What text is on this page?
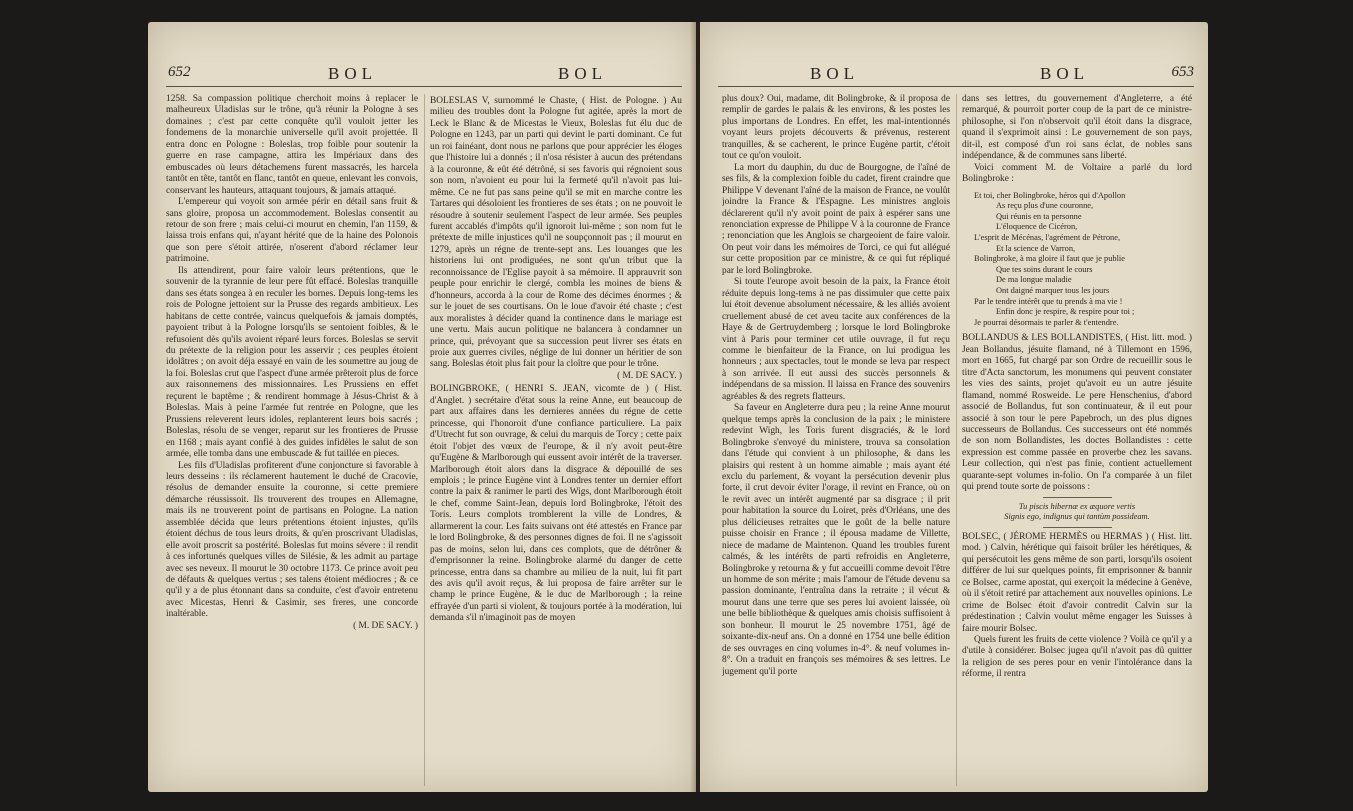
652	BOL	BOL

1258. Sa compassion politique cherchoit moins à replacer le malheureux Uladislas sur le trône, qu'à réunir la Pologne à ses domaines ; c'est par cette conquête qu'il vouloit jetter les fondemens de la monarchie universelle qu'il avoit projettée. Il entra donc en Pologne : Boleslas, trop foible pour soutenir la guerre en rase campagne, attira les Impériaux dans des embuscades où leurs détachemens furent massacrés, les harcela tantôt en tête, tantôt en flanc, tantôt en queue, enlevant les convois, conservant les hauteurs, attaquant toujours, & jamais attaqué.

L'empereur qui voyoit son armée périr en détail sans fruit & sans gloire, proposa un accommodement. Boleslas consentit au retour de son frere ; mais celui-ci mourut en chemin, l'an 1159, & laissa trois enfans qui, n'ayant hérité que de la haine des Polonois que son pere s'étoit attirée, n'oserent d'abord réclamer leur patrimoine.

Ils attendirent, pour faire valoir leurs prétentions, que le souvenir de la tyrannie de leur pere fût effacé. Boleslas tranquille dans ses états songea à en reculer les bornes. Depuis long-tems les rois de Pologne jettoient sur la Prusse des regards ambitieux. Les habitans de cette contrée, vaincus quelquefois & jamais domptés, payoient tribut à la Pologne lorsqu'ils se sentoient foibles, & le refusoient dès qu'ils avoient réparé leurs forces. Boleslas se servit du prétexte de la religion pour les asservir ; ces peuples étoient idolâtres ; on avoit déja essayé en vain de les soumettre au joug de la foi. Boleslas crut que l'aspect d'une armée prêteroit plus de force aux raisonnemens des missionnaires. Les Prussiens en effet reçurent le baptême ; & rendirent hommage à Jésus-Christ & à Boleslas. Mais à peine l'armée fut rentrée en Pologne, que les Prussiens releverent leurs idoles, replanterent leurs bois sacrés ; Boleslas, résolu de se venger, reparut sur les frontieres de Prusse en 1168 ; mais ayant confié à des guides infidèles le salut de son armée, elle tomba dans une embuscade & fut taillée en pieces.

Les fils d'Uladislas profiterent d'une conjoncture si favorable à leurs desseins : ils réclamerent hautement le duché de Cracovie, résolus de demander ensuite la couronne, si cette premiere démarche réussissoit. Ils trouverent des troupes en Allemagne, mais ils ne trouverent point de partisans en Pologne. La nation assemblée décida que leurs prétentions étoient injustes, qu'ils étoient déchus de tous leurs droits, & qu'en proscrivant Uladislas, elle avoit proscrit sa postérité. Boleslas fut moins sévere : il rendit à ces infortunés quelques villes de Silésie, & les admit au partage avec ses neveux. Il mourut le 30 octobre 1173. Ce prince avoit peu de défauts & quelques vertus ; ses talens étoient médiocres ; & ce qu'il y a de plus étonnant dans sa conduite, c'est d'avoir entretenu avec Micestas, Henri & Casimir, ses freres, une concorde inaltérable.

( M. DE SACY. )

BOLESLAS V, surnommé le Chaste, ( Hist. de Pologne. ) Au milieu des troubles dont la Pologne fut agitée, après la mort de Leck le Blanc & de Micestas le Vieux, Boleslas fut élu duc de Pologne en 1243, par un parti qui devint le parti dominant. Ce fut un roi fainéant, dont nous ne parlons que pour apprécier les éloges que l'histoire lui a donnés ; il n'osa résister à aucun des prétendans à la couronne, & eût été détrôné, si ses favoris qui régnoient sous son nom, n'avoient eu pour lui la fermeté qu'il n'avoit pas lui-même. Ce ne fut pas sans peine qu'il se mit en marche contre les Tartares qui désoloient les frontieres de ses états ; on ne pouvoit le résoudre à soutenir seulement l'aspect de leur armée. Ses peuples furent accablés d'impôts qu'il ignoroit lui-même ; son nom fut le prétexte de mille injustices qu'il ne soupçonnoit pas ; il mourut en 1279, après un régne de trente-sept ans. Les louanges que les historiens lui ont prodiguées, ne sont qu'un tribut que la reconnoissance de l'Eglise payoit à sa mémoire. Il apprauvrit son peuple pour enrichir le clergé, combla les moines de biens & d'honneurs, accorda à la cour de Rome des décimes énormes ; & sur le jouet de ses courtisans. On le loue d'avoir été chaste ; c'est aux moralistes à décider quand la continence dans le mariage est une vertu. Mais aucun politique ne balancera à condamner un prince, qui, prévoyant que sa succession peut livrer ses états en proie aux guerres civiles, néglige de lui donner un héritier de son sang. Boleslas étoit plus fait pour la cloître que pour le trône.

( M. DE SACY. )

BOLINGBROKE, ( HENRI S. JEAN, vicomte de ) ( Hist. d'Anglet. ) secrétaire d'état sous la reine Anne, eut beaucoup de part aux affaires dans les dernieres années du régne de cette princesse, qui l'honoroit d'une confiance particuliere. La paix d'Utrecht fut son ouvrage, & celui du marquis de Torcy ; cette paix étoit l'objet des vœux de l'europe, & il n'y avoit peut-être qu'Eugène & Marlborough qui eussent avoir intérêt de la traverser. Marlborough étoit alors dans la disgrace & dépouillé de ses emplois ; le prince Eugène vint à Londres tenter un dernier effort contre la paix & ranimer le parti des Wigs, dont Marlborough étoit le chef, comme Saint-Jean, depuis lord Bolingbroke, l'étoit des Toris. Leurs complots tromblerent la ville de Londres, & allarmerent la cour. Les faits suivans ont été attestés en France par le lord Bolingbroke, & des personnes dignes de foi. Il ne s'agissoit pas de moins, selon lui, dans ces complots, que de détrôner & d'emprisonner la reine. Bolingbroke alarmé du danger de cette princesse, entra dans sa chambre au milieu de la nuit, lui fit part des avis qu'il avoit reçus, & lui proposa de faire arrêter sur le champ le prince Eugène, & le duc de Marlborough ; la reine effrayée d'un parti si violent, & toujours portée à la modération, lui demanda s'il n'imaginoit pas de moyen

BOL	BOL	653

plus doux? Oui, madame, dit Bolingbroke, & il proposa de remplir de gardes le palais & les environs, & les postes les plus importans de Londres. En effet, les mal-intentionnés voyant leurs projets découverts & prévenus, resterent tranquilles, & se cacherent, le prince Eugène partit, c'étoit tout ce qu'on vouloit.

La mort du dauphin, du duc de Bourgogne, de l'aîné de ses fils, & la complexion foible du cadet, firent craindre que Philippe V devenant l'aîné de la maison de France, ne voulût joindre la France & l'Espagne. Les ministres anglois déclarerent qu'il n'y avoit point de paix à espérer sans une renonciation expresse de Philippe V à la couronne de France ; renonciation que les Anglois se chargeoient de faire valoir. On peut voir dans les mémoires de Torci, ce qui fut allégué sur cette proposition par ce ministre, & ce qui fut répliqué par le lord Bolingbroke.

Si toute l'europe avoit besoin de la paix, la France étoit réduite depuis long-tems à ne pas dissimuler que cette paix lui étoit devenue absolument nécessaire, & les alliés avoient cruellement abusé de cet aveu tacite aux conférences de la Haye & de Gertruydemberg ; lorsque le lord Bolingbroke vint à Paris pour terminer cet utile ouvrage, il fut reçu comme le bienfaiteur de la France, on lui prodigua les honneurs ; aux spectacles, tout le monde se leva par respect à son arrivée. Il eut aussi des succès personnels & indépendans de sa mission. Il laissa en France des souvenirs agréables & des regrets flatteurs.

Sa faveur en Angleterre dura peu ; la reine Anne mourut quelque temps après la conclusion de la paix ; le ministere redevint Wigh, les Toris furent disgraciés, & le lord Bolingbroke s'envoyé du ministere, trouva sa consolation dans l'étude qui convient à un philosophe, & dans les plaisirs qui restent à un homme aimable ; mais ayant été exclu du parlement, & voyant la persécution devenir plus forte, il crut devoir éviter l'orage, il revint en France, où on le revit avec un intérêt augmenté par sa disgrace ; il prit pour habitation la source du Loiret, près d'Orléans, une des plus délicieuses retraites que le goût de la belle nature puisse choisir en France ; il épousa madame de Villette, niece de madame de Maintenon. Quand les troubles furent calmés, & les intérêts de parti refroidis en Angleterre, Bolingbroke y retourna & y fut accueilli comme devoit l'être un homme de son mérite ; mais l'amour de l'étude devenu sa passion dominante, l'entraîna dans la retraite ; il vécut & mourut dans une terre que ses peres lui avoient laissée, où une belle bibliothèque & quelques amis choisis suffisoient à son bonheur. Il mourut le 25 novembre 1751, âgé de soixante-dix-neuf ans. On a donné en 1754 une belle édition de ses ouvrages en cinq volumes in-4°. & neuf volumes in-8°. On a traduit en françois ses mémoires & ses lettres. Le jugement qu'il porte

dans ses lettres, du gouvernement d'Angleterre, a été remarqué, & pourroit porter coup de la part de ce ministre-philosophe, si l'on n'observoit qu'il étoit dans la disgrace, quand il s'exprimoit ainsi : Le gouvernement de son pays, dit-il, est composé d'un roi sans éclat, de nobles sans indépendance, & de communes sans liberté.

Voici comment M. de Voltaire a parlé du lord Bolingbroke :

Et toi, cher Bolingbroke, héros qui d'Apollon
As reçu plus d'une couronne,
Qui réunis en ta personne
L'éloquence de Cicéron,
L'esprit de Mécénas, l'agrément de Pétrone,
Et la science de Varron,
Bolingbroke, à ma gloire il faut que je publie
Que tes soins durant le cours
De ma longue maladie
Ont daigné marquer tous les jours
Par le tendre intérêt que tu prends à ma vie !
Enfin donc je respire, & respire pour toi ;
Je pourrai désormais te parler & t'entendre.

BOLLANDUS & LES BOLLANDISTES, ( Hist. litt. mod. ) Jean Bollandus, jésuite flamand, né à Tillemont en 1596, mort en 1665, fut chargé par son Ordre de recueillir sous le titre d'Acta sanctorum, les monumens qui peuvent constater les vies des saints, projet qu'avoit eu un autre jésuite flamand, nommé Rosweide. Le pere Henschenius, d'abord associé de Bollandus, fut son continuateur, & il eut pour associé à son tour le pere Papebroch, un des plus dignes successeurs de Bollandus. Ces successeurs ont été nommés de son nom Bollandistes, les doctes Bollandistes : cette expression est comme passée en proverbe chez les savans. Leur collection, qui n'est pas finie, contient actuellement quarante-sept volumes in-folio. On l'a comparée à un filet qui prend toute sorte de poissons :

Tu piscis hibernæ ex æquore vertis
Signis ego, indignus qui tantùm possideam.

BOLSEC, ( JÉROME HERMÈS ou HERMAS ) ( Hist. litt. mod. ) Calvin, hérétique qui faisoit brûler les hérétiques, & qui persécutoit les gens même de son parti, lorsqu'ils osoient différer de lui sur quelques points, fit emprisonner & bannir ce Bolsec, carme apostat, qui exerçoit la médecine à Genève, où il s'étoit retiré par attachement aux nouvelles opinions. Le crime de Bolsec étoit d'avoir contredit Calvin sur la prédestination ; Calvin voulut même engager les Suisses à faire mourir Bolsec.

Quels furent les fruits de cette violence ? Voilà ce qu'il y a d'utile à considérer. Bolsec jugea qu'il n'avoit pas dû quitter la religion de ses peres pour en venir l'intolérance dans la réforme, il rentra
